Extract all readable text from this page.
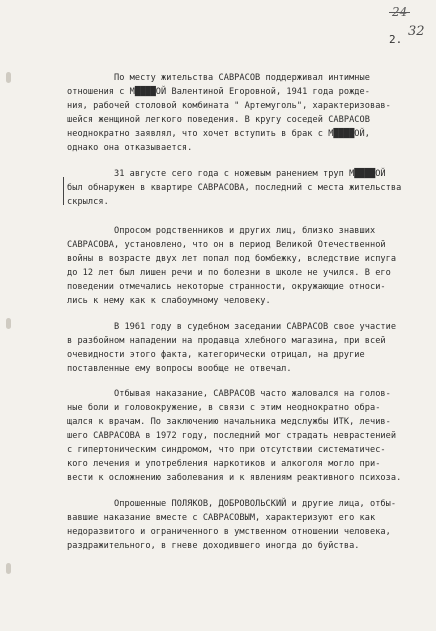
24
32
2.
По месту жительства САВРАСОВ поддерживал интимные
отношения с М████ОЙ Валентиной Егоровной, 1941 года рожде-
ния, рабочей столовой комбината " Артемуголь", характеризовав-
шейся женщиной легкого поведения. В кругу соседей САВРАСОВ
неоднократно заявлял, что хочет вступить в брак с М████ОЙ,
однако она отказывается.
31 августе сего года с ножевым ранением труп М████ОЙ
был обнаружен в квартире САВРАСОВА, последний с места жительства
скрылся.
Опросом родственников и других лиц, близко знавших
САВРАСОВА, установлено, что он в период Великой Отечественной
войны в возрасте двух лет попал под бомбежку, вследствие испуга
до 12 лет был лишен речи и по болезни в школе не учился. В его
поведении отмечались некоторые странности, окружающие относи-
лись к нему как к слабоумному человеку.
В 1961 году в судебном заседании САВРАСОВ свое участие
в разбойном нападении на продавца хлебного магазина, при всей
очевидности этого факта, категорически отрицал, на другие
поставленные ему вопросы вообще не отвечал.
Отбывая наказание, САВРАСОВ часто жаловался на голов-
ные боли и головокружение, в связи с этим неоднократно обра-
щался к врачам. По заключению начальника медслужбы ИТК, лечив-
шего САВРАСОВА в 1972 году, последний мог страдать неврастенией
с гипертоническим синдромом, что при отсутствии систематичес-
кого лечения и употребления наркотиков и алкоголя могло при-
вести к осложнению заболевания и к явлениям реактивного психоза.
Опрошенные ПОЛЯКОВ, ДОБРОВОЛЬСКИЙ и другие лица, отбы-
вавшие наказание вместе с САВРАСОВЫМ, характеризуют его как
недоразвитого и ограниченного в умственном отношении человека,
раздражительного, в гневе доходившего иногда до буйства.
